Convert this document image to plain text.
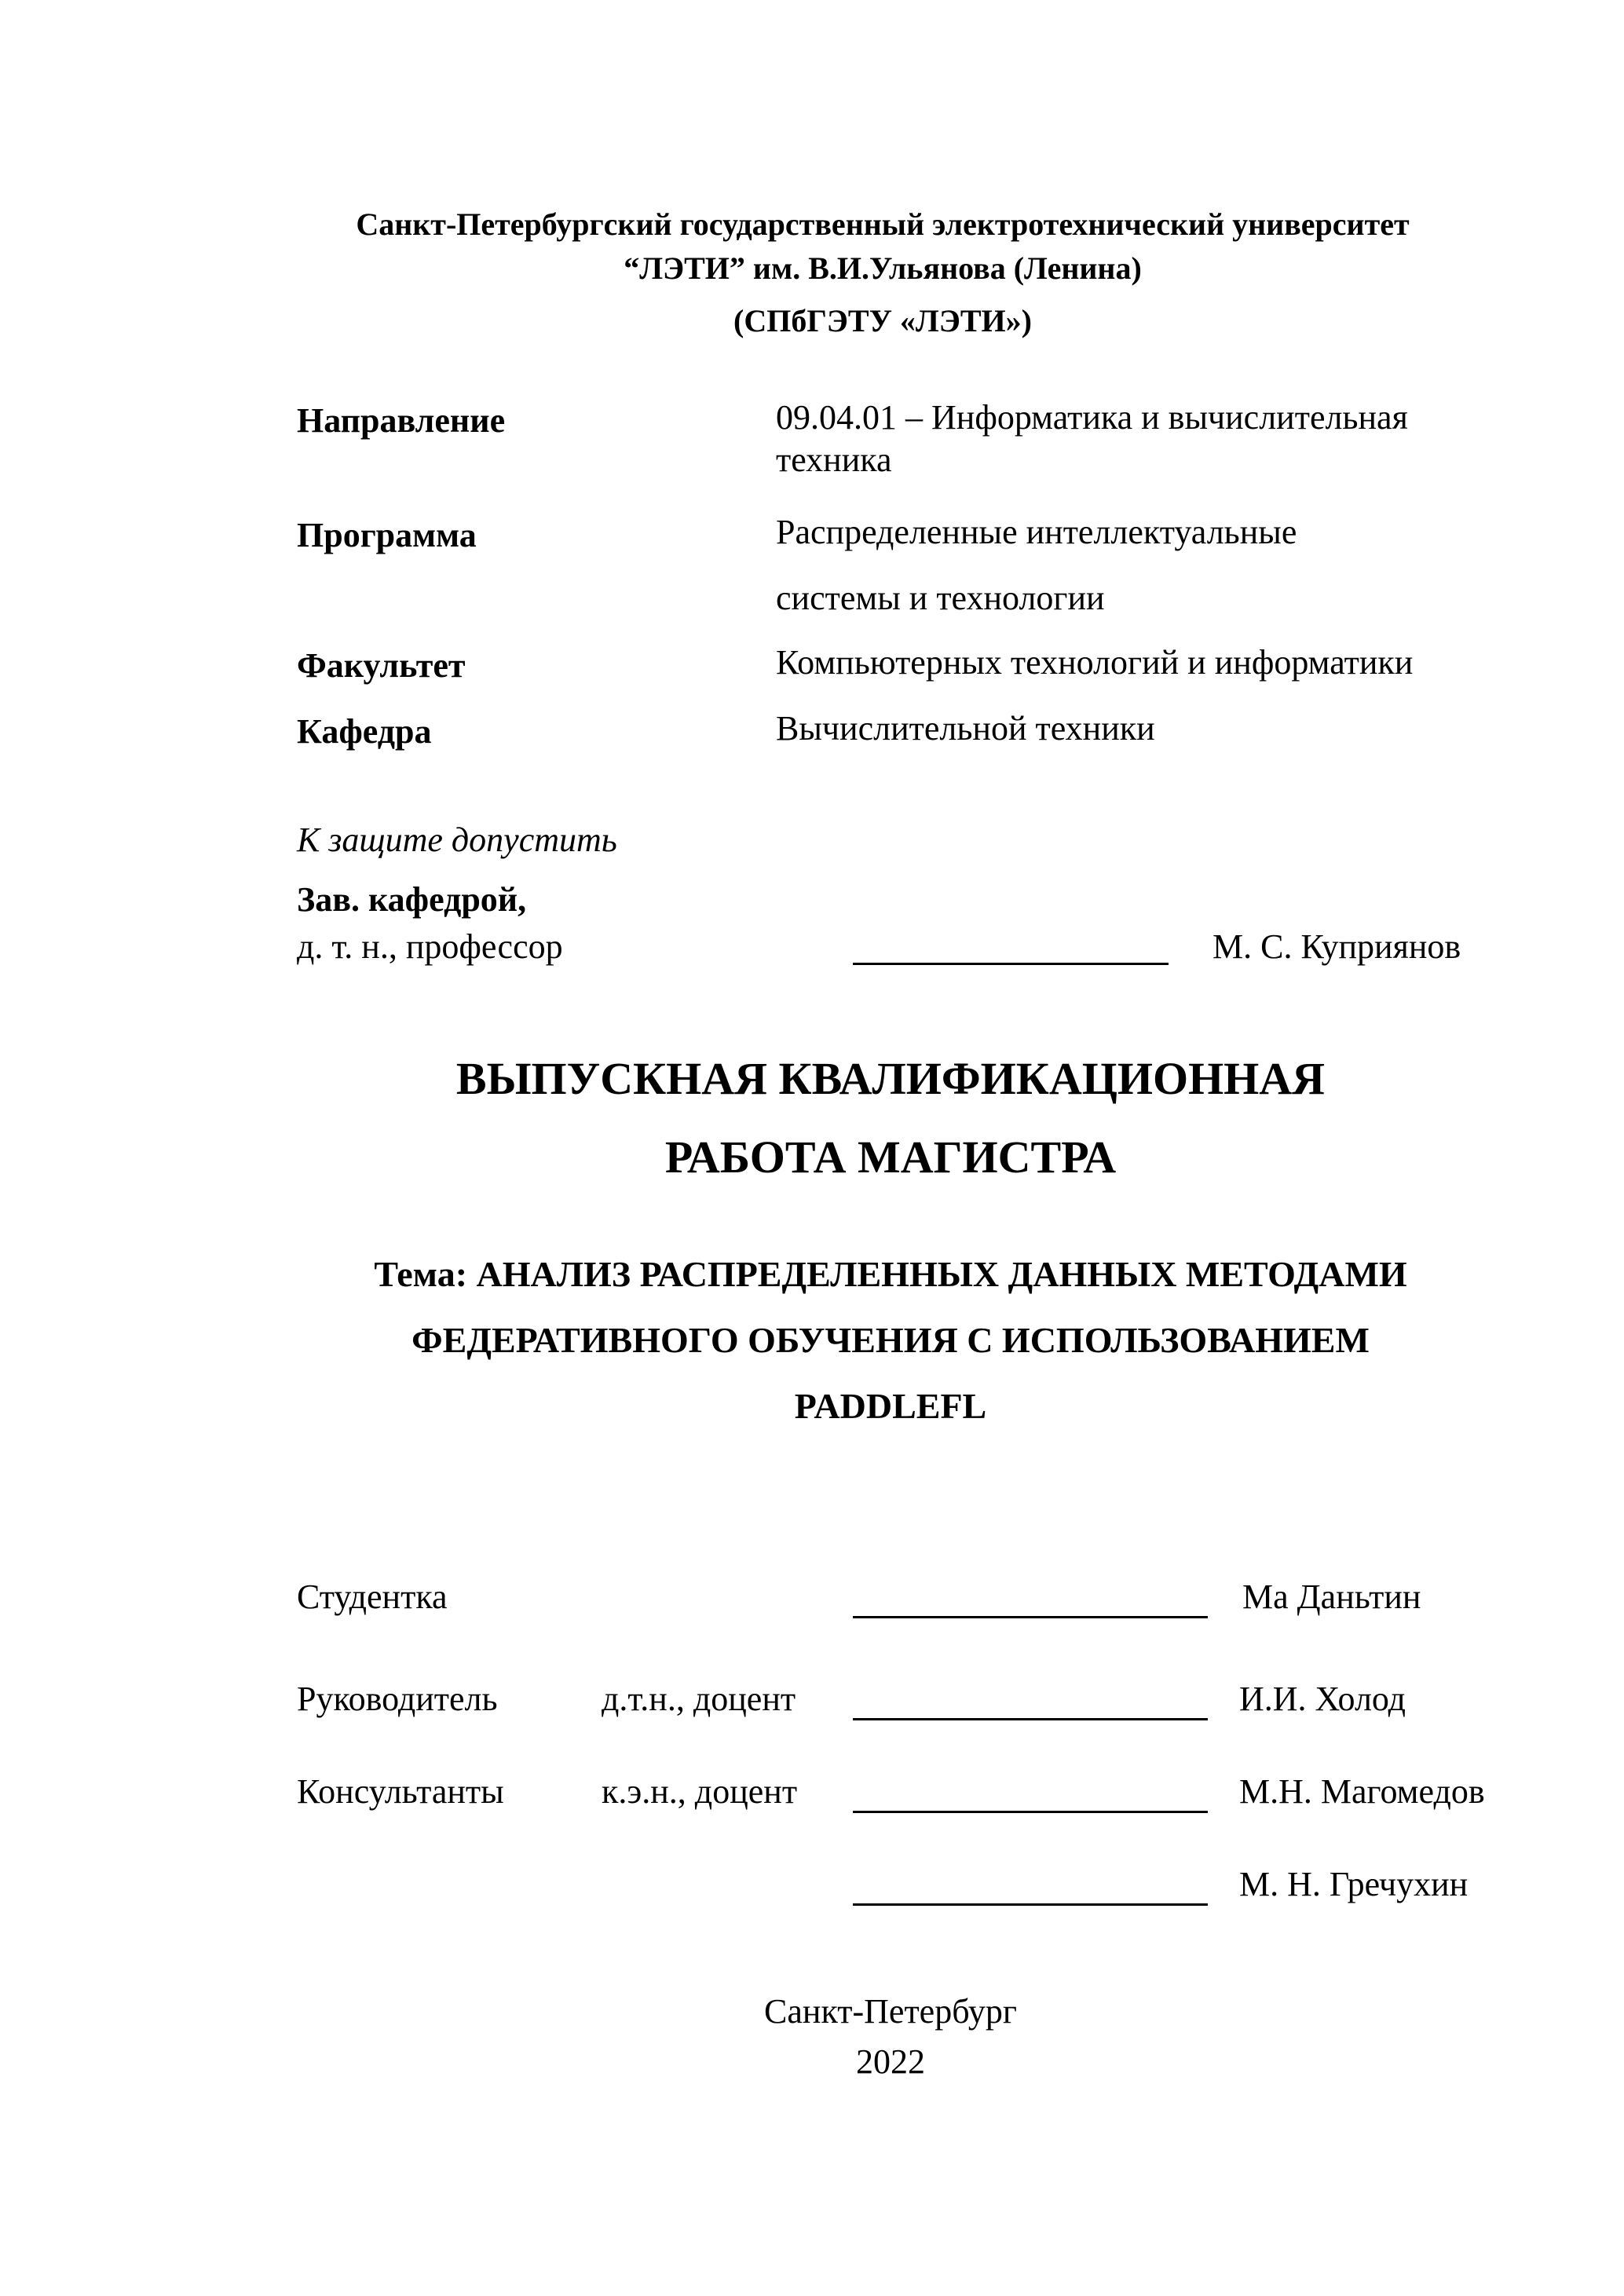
Санкт-Петербургский государственный электротехнический университет
“ЛЭТИ” им. В.И.Ульянова (Ленина)
(СПбГЭТУ «ЛЭТИ»)
Направление	09.04.01 – Информатика и вычислительная
техника
Программа	Распределенные интеллектуальные
системы и технологии
Факультет	Компьютерных технологий и информатики
Кафедра	Вычислительной техники
К защите допустить
Зав. кафедрой,
д. т. н., профессор	М. С. Куприянов
ВЫПУСКНАЯ КВАЛИФИКАЦИОННАЯ
РАБОТА МАГИСТРА
Тема: АНАЛИЗ РАСПРЕДЕЛЕННЫХ ДАННЫХ МЕТОДАМИ
ФЕДЕРАТИВНОГО ОБУЧЕНИЯ С ИСПОЛЬЗОВАНИЕМ
PADDLEFL
Студентка	Ма Даньтин
Руководитель	д.т.н., доцент	И.И. Холод
Консультанты	к.э.н., доцент	М.Н. Магомедов
М. Н. Гречухин
Санкт-Петербург
2022
